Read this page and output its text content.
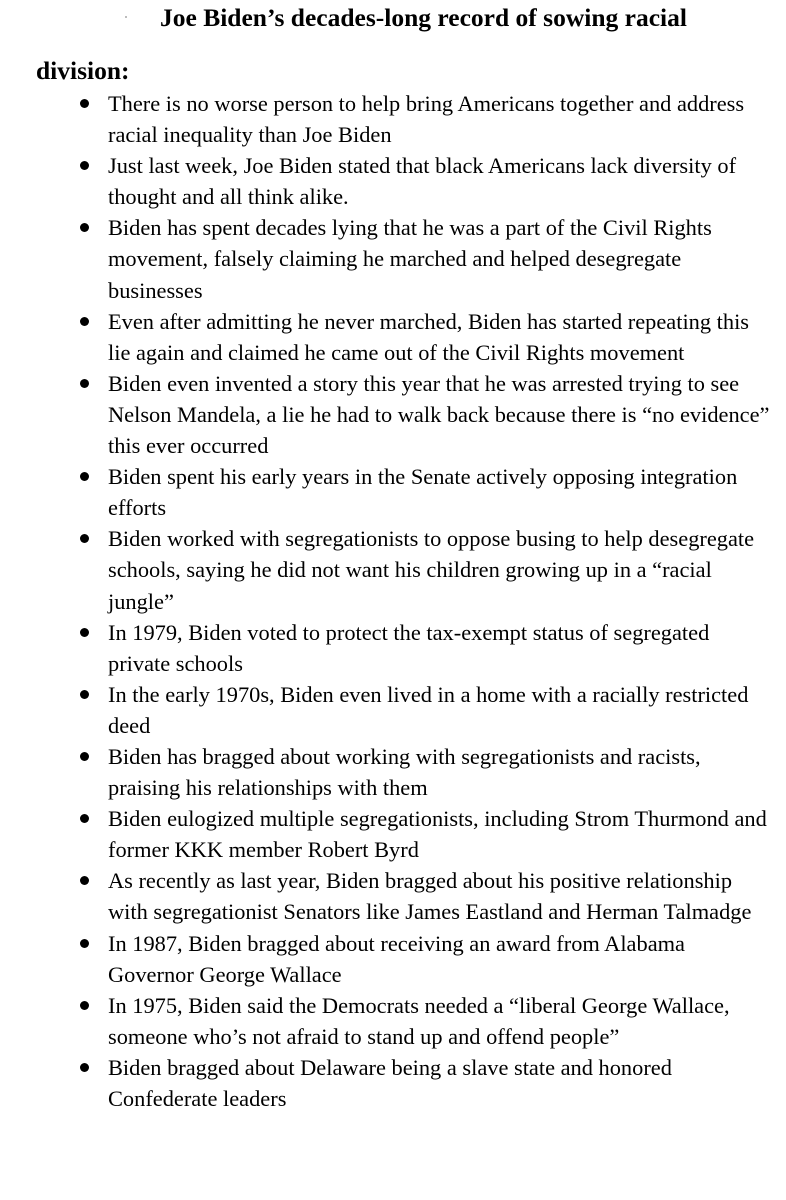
Joe Biden’s decades-long record of sowing racial
division:
There is no worse person to help bring Americans together and address racial inequality than Joe Biden
Just last week, Joe Biden stated that black Americans lack diversity of thought and all think alike.
Biden has spent decades lying that he was a part of the Civil Rights movement, falsely claiming he marched and helped desegregate businesses
Even after admitting he never marched, Biden has started repeating this lie again and claimed he came out of the Civil Rights movement
Biden even invented a story this year that he was arrested trying to see Nelson Mandela, a lie he had to walk back because there is “no evidence” this ever occurred
Biden spent his early years in the Senate actively opposing integration efforts
Biden worked with segregationists to oppose busing to help desegregate schools, saying he did not want his children growing up in a “racial jungle”
In 1979, Biden voted to protect the tax-exempt status of segregated private schools
In the early 1970s, Biden even lived in a home with a racially restricted deed
Biden has bragged about working with segregationists and racists, praising his relationships with them
Biden eulogized multiple segregationists, including Strom Thurmond and former KKK member Robert Byrd
As recently as last year, Biden bragged about his positive relationship with segregationist Senators like James Eastland and Herman Talmadge
In 1987, Biden bragged about receiving an award from Alabama Governor George Wallace
In 1975, Biden said the Democrats needed a “liberal George Wallace, someone who’s not afraid to stand up and offend people”
Biden bragged about Delaware being a slave state and honored Confederate leaders
